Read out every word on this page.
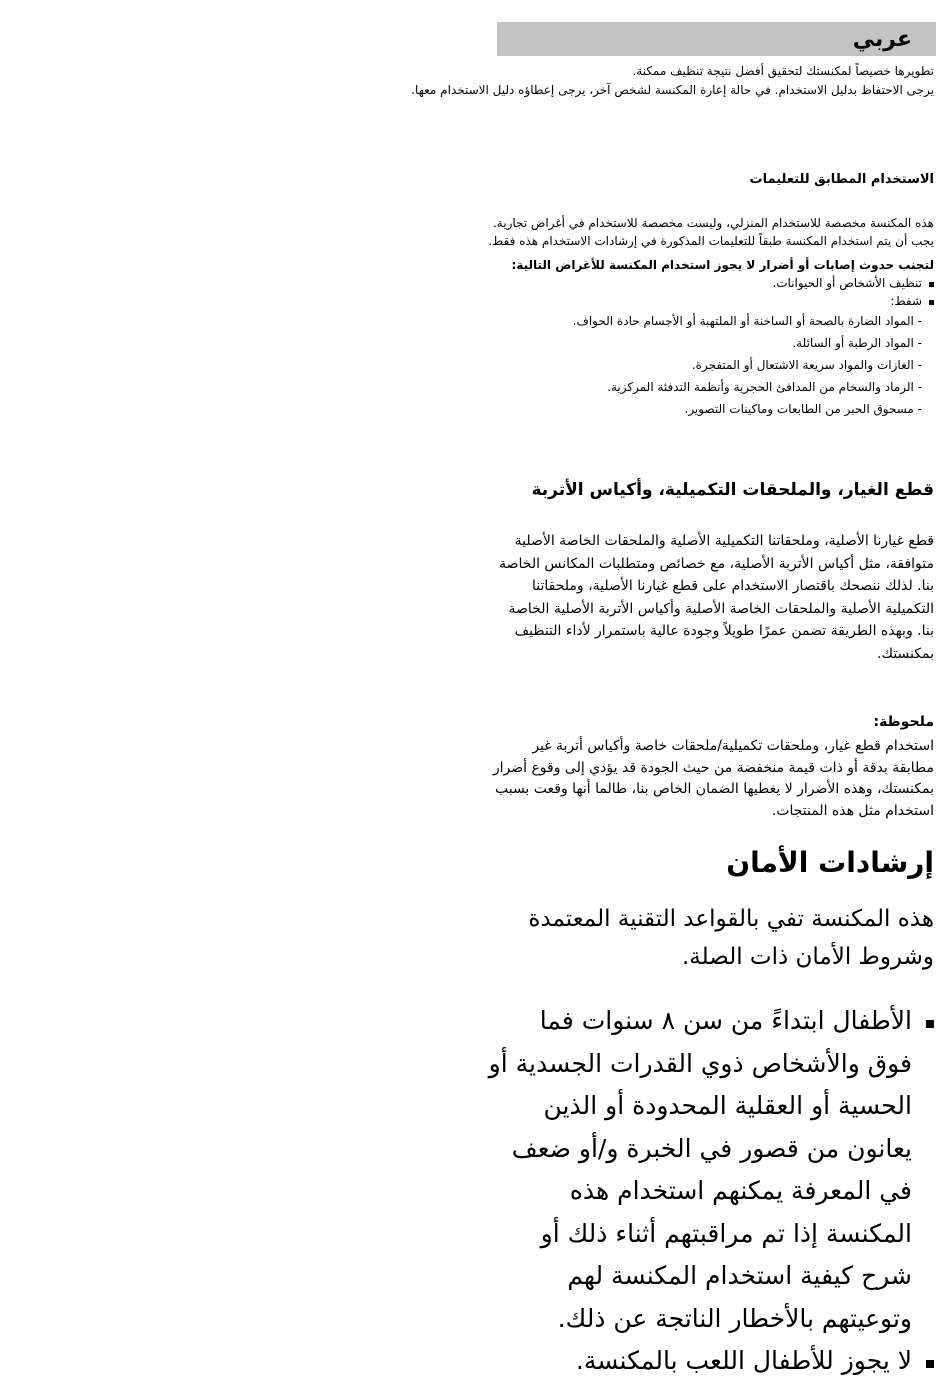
عربي
تطويرها خصيصاً لمكنستك لتحقيق أفضل نتيجة تنظيف ممكنة.
يرجى الاحتفاظ بدليل الاستخدام. في حالة إعارة المكنسة لشخص آخر، يرجى إعطاؤه دليل الاستخدام معها.
الاستخدام المطابق للتعليمات

هذه المكنسة مخصصة للاستخدام المنزلي، وليست مخصصة للاستخدام في أغراض تجارية.

يجب أن يتم استخدام المكنسة طبقاً للتعليمات المذكورة في إرشادات الاستخدام هذه فقط.

لتجنب حدوث إصابات أو أضرار لا يجوز استخدام المكنسة للأغراض التالية:

تنظيف الأشخاص أو الحيوانات.
شفط:
- المواد الضارة بالصحة أو الساخنة أو الملتهبة أو الأجسام حادة الحواف.
- المواد الرطبة أو السائلة.
- الغازات والمواد سريعة الاشتعال أو المتفجرة.
- الرماد والسخام من المدافئ الحجرية وأنظمة التدفئة المركزية.
- مسحوق الحبر من الطابعات وماكينات التصوير.
قطع الغيار، والملحقات التكميلية، وأكياس الأتربة
قطع غيارنا الأصلية، وملحقاتنا التكميلية الأصلية والملحقات الخاصة الأصلية متوافقة، مثل أكياس الأتربة الأصلية، مع خصائص ومتطلبات المكانس الخاصة بنا. لذلك ننصحك باقتصار الاستخدام على قطع غيارنا الأصلية، وملحقاتنا التكميلية الأصلية والملحقات الخاصة الأصلية وأكياس الأتربة الأصلية الخاصة بنا. وبهذه الطريقة تضمن عمرًا طويلاً وجودة عالية باستمرار لأداء التنظيف بمكنستك.
ملحوظة:
استخدام قطع غيار، وملحقات تكميلية/ملحقات خاصة وأكياس أتربة غير مطابقة بدقة أو ذات قيمة منخفضة من حيث الجودة قد يؤدي إلى وقوع أضرار بمكنستك، وهذه الأضرار لا يغطيها الضمان الخاص بنا، طالما أنها وقعت بسبب استخدام مثل هذه المنتجات.
إرشادات الأمان
هذه المكنسة تفي بالقواعد التقنية المعتمدة وشروط الأمان ذات الصلة.
الأطفال ابتداءً من سن ٨ سنوات فما فوق والأشخاص ذوي القدرات الجسدية أو الحسية أو العقلية المحدودة أو الذين يعانون من قصور في الخبرة و/أو ضعف في المعرفة يمكنهم استخدام هذه المكنسة إذا تم مراقبتهم أثناء ذلك أو شرح كيفية استخدام المكنسة لهم وتوعيتهم بالأخطار الناتجة عن ذلك.
لا يجوز للأطفال اللعب بالمكنسة.
